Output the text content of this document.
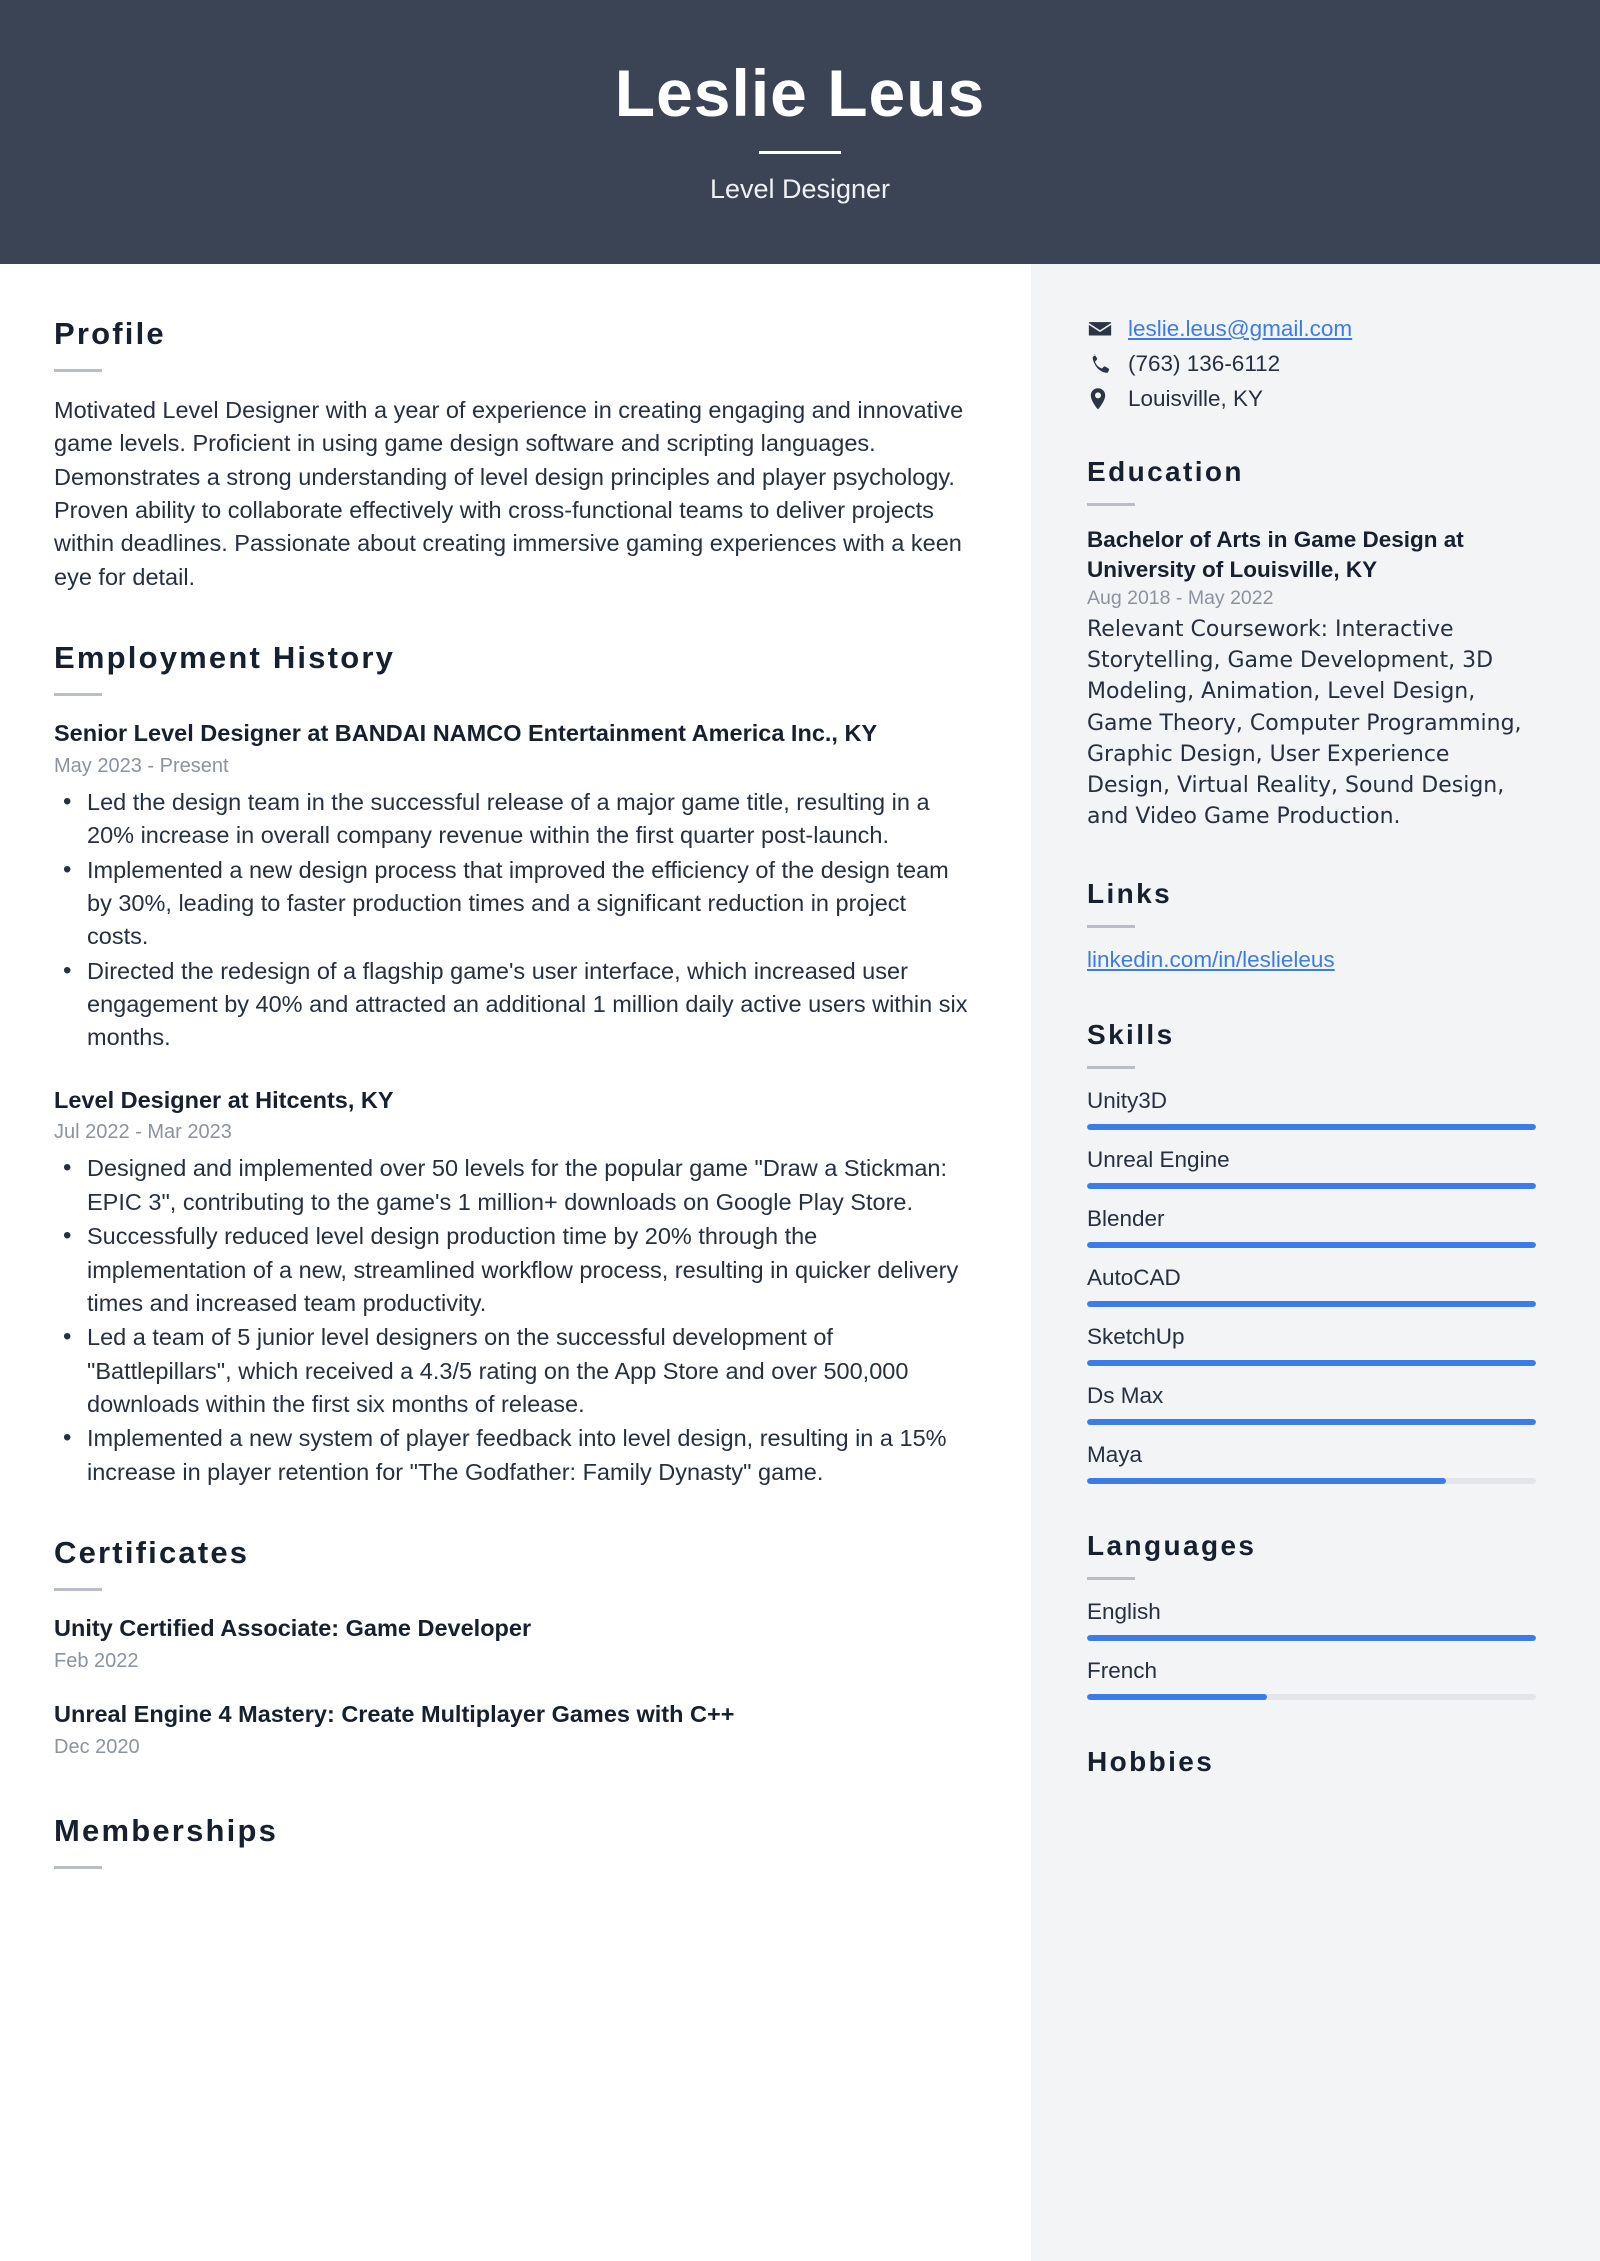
Leslie Leus
Level Designer
Profile
Motivated Level Designer with a year of experience in creating engaging and innovative game levels. Proficient in using game design software and scripting languages. Demonstrates a strong understanding of level design principles and player psychology. Proven ability to collaborate effectively with cross-functional teams to deliver projects within deadlines. Passionate about creating immersive gaming experiences with a keen eye for detail.
Employment History
Senior Level Designer at BANDAI NAMCO Entertainment America Inc., KY
May 2023 - Present
• Led the design team in the successful release of a major game title, resulting in a 20% increase in overall company revenue within the first quarter post-launch.
• Implemented a new design process that improved the efficiency of the design team by 30%, leading to faster production times and a significant reduction in project costs.
• Directed the redesign of a flagship game's user interface, which increased user engagement by 40% and attracted an additional 1 million daily active users within six months.
Level Designer at Hitcents, KY
Jul 2022 - Mar 2023
• Designed and implemented over 50 levels for the popular game "Draw a Stickman: EPIC 3", contributing to the game's 1 million+ downloads on Google Play Store.
• Successfully reduced level design production time by 20% through the implementation of a new, streamlined workflow process, resulting in quicker delivery times and increased team productivity.
• Led a team of 5 junior level designers on the successful development of "Battlepillars", which received a 4.3/5 rating on the App Store and over 500,000 downloads within the first six months of release.
• Implemented a new system of player feedback into level design, resulting in a 15% increase in player retention for "The Godfather: Family Dynasty" game.
Certificates
Unity Certified Associate: Game Developer
Feb 2022
Unreal Engine 4 Mastery: Create Multiplayer Games with C++
Dec 2020
Memberships
leslie.leus@gmail.com
(763) 136-6112
Louisville, KY
Education
Bachelor of Arts in Game Design at University of Louisville, KY
Aug 2018 - May 2022
Relevant Coursework: Interactive Storytelling, Game Development, 3D Modeling, Animation, Level Design, Game Theory, Computer Programming, Graphic Design, User Experience Design, Virtual Reality, Sound Design, and Video Game Production.
Links
linkedin.com/in/leslieleus
Skills
Unity3D
Unreal Engine
Blender
AutoCAD
SketchUp
Ds Max
Maya
Languages
English
French
Hobbies
